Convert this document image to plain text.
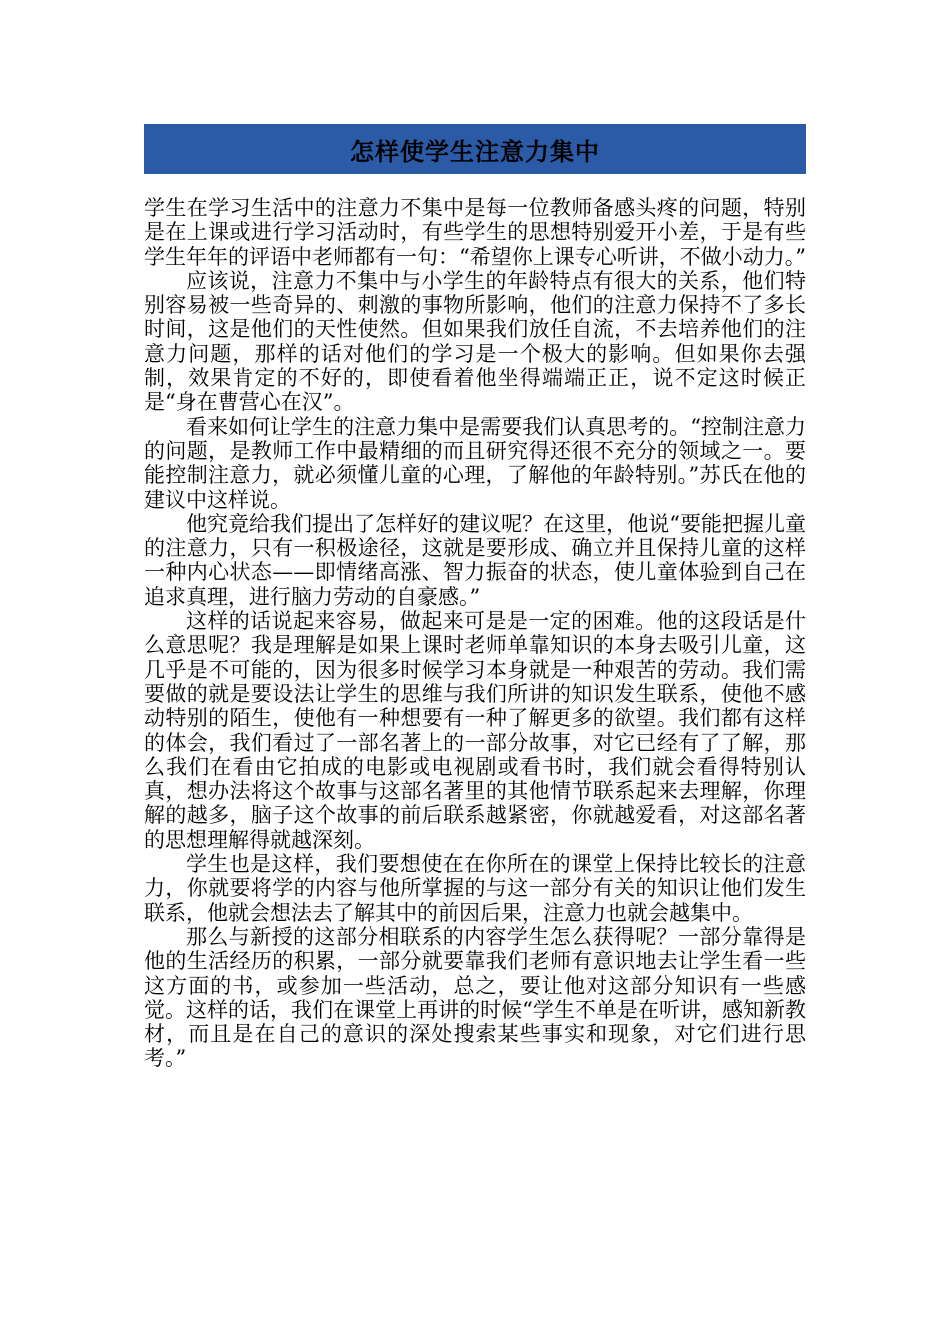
怎样使学生注意力集中

学生在学习生活中的注意力不集中是每一位教师备感头疼的问题，特别是在上课或进行学习活动时，有些学生的思想特别爱开小差，于是有些学生年年的评语中老师都有一句：“希望你上课专心听讲，不做小动力。”

应该说，注意力不集中与小学生的年龄特点有很大的关系，他们特别容易被一些奇异的、刺激的事物所影响，他们的注意力保持不了多长时间，这是他们的天性使然。但如果我们放任自流，不去培养他们的注意力问题，那样的话对他们的学习是一个极大的影响。但如果你去强制，效果肯定的不好的，即使看着他坐得端端正正，说不定这时候正是“身在曹营心在汉”。

看来如何让学生的注意力集中是需要我们认真思考的。“控制注意力的问题，是教师工作中最精细的而且研究得还很不充分的领域之一。要能控制注意力，就必须懂儿童的心理，了解他的年龄特别。”苏氏在他的建议中这样说。

他究竟给我们提出了怎样好的建议呢？在这里，他说“要能把握儿童的注意力，只有一积极途径，这就是要形成、确立并且保持儿童的这样一种内心状态——即情绪高涨、智力振奋的状态，使儿童体验到自己在追求真理，进行脑力劳动的自豪感。”

这样的话说起来容易，做起来可是是一定的困难。他的这段话是什么意思呢？我是理解是如果上课时老师单靠知识的本身去吸引儿童，这几乎是不可能的，因为很多时候学习本身就是一种艰苦的劳动。我们需要做的就是要设法让学生的思维与我们所讲的知识发生联系，使他不感动特别的陌生，使他有一种想要有一种了解更多的欲望。我们都有这样的体会，我们看过了一部名著上的一部分故事，对它已经有了了解，那么我们在看由它拍成的电影或电视剧或看书时，我们就会看得特别认真，想办法将这个故事与这部名著里的其他情节联系起来去理解，你理解的越多，脑子这个故事的前后联系越紧密，你就越爱看，对这部名著的思想理解得就越深刻。

学生也是这样，我们要想使在在你所在的课堂上保持比较长的注意力，你就要将学的内容与他所掌握的与这一部分有关的知识让他们发生联系，他就会想法去了解其中的前因后果，注意力也就会越集中。

那么与新授的这部分相联系的内容学生怎么获得呢？一部分靠得是他的生活经历的积累，一部分就要靠我们老师有意识地去让学生看一些这方面的书，或参加一些活动，总之，要让他对这部分知识有一些感觉。这样的话，我们在课堂上再讲的时候“学生不单是在听讲，感知新教材，而且是在自己的意识的深处搜索某些事实和现象，对它们进行思考。”
